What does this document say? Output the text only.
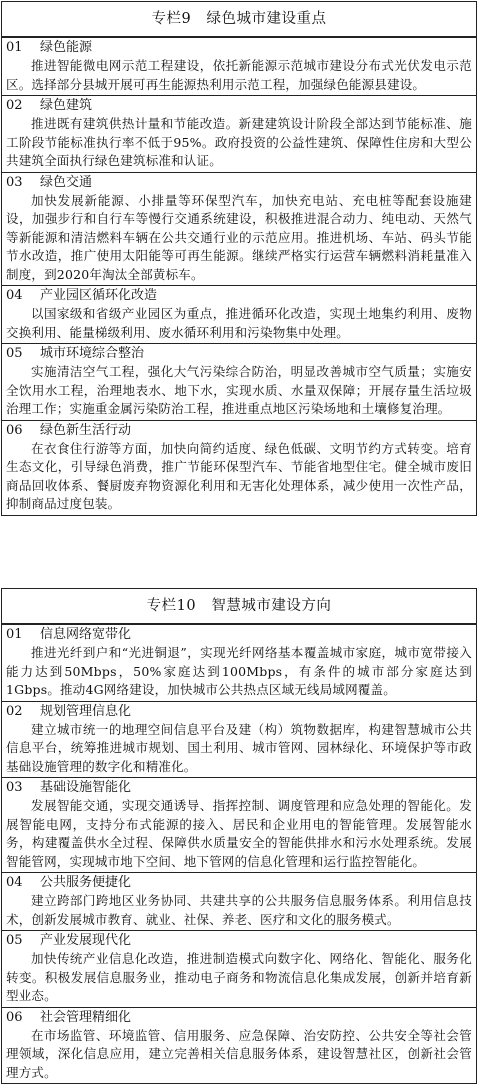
专栏9   绿色城市建设重点
01 绿色能源
推进智能微电网示范工程建设，依托新能源示范城市建设分布式光伏发电示范区。选择部分县城开展可再生能源热利用示范工程，加强绿色能源县建设。
02 绿色建筑
推进既有建筑供热计量和节能改造。新建建筑设计阶段全部达到节能标准、施工阶段节能标准执行率不低于95%。政府投资的公益性建筑、保障性住房和大型公共建筑全面执行绿色建筑标准和认证。
03 绿色交通
加快发展新能源、小排量等环保型汽车，加快充电站、充电桩等配套设施建设，加强步行和自行车等慢行交通系统建设，积极推进混合动力、纯电动、天然气等新能源和清洁燃料车辆在公共交通行业的示范应用。推进机场、车站、码头节能节水改造，推广使用太阳能等可再生能源。继续严格实行运营车辆燃料消耗量准入制度，到2020年淘汰全部黄标车。
04 产业园区循环化改造
以国家级和省级产业园区为重点，推进循环化改造，实现土地集约利用、废物交换利用、能量梯级利用、废水循环利用和污染物集中处理。
05 城市环境综合整治
实施清洁空气工程，强化大气污染综合防治，明显改善城市空气质量；实施安全饮用水工程，治理地表水、地下水，实现水质、水量双保障；开展存量生活垃圾治理工作；实施重金属污染防治工程，推进重点地区污染场地和土壤修复治理。
06 绿色新生活行动
在衣食住行游等方面，加快向简约适度、绿色低碳、文明节约方式转变。培育生态文化，引导绿色消费，推广节能环保型汽车、节能省地型住宅。健全城市废旧商品回收体系、餐厨废弃物资源化利用和无害化处理体系，减少使用一次性产品，抑制商品过度包装。
专栏10   智慧城市建设方向
01 信息网络宽带化
推进光纤到户和“光进铜退”，实现光纤网络基本覆盖城市家庭，城市宽带接入能力达到50Mbps，50%家庭达到100Mbps，有条件的城市部分家庭达到1Gbps。推动4G网络建设，加快城市公共热点区域无线局域网覆盖。
02 规划管理信息化
建立城市统一的地理空间信息平台及建（构）筑物数据库，构建智慧城市公共信息平台，统筹推进城市规划、国土利用、城市管网、园林绿化、环境保护等市政基础设施管理的数字化和精准化。
03 基础设施智能化
发展智能交通，实现交通诱导、指挥控制、调度管理和应急处理的智能化。发展智能电网，支持分布式能源的接入、居民和企业用电的智能管理。发展智能水务，构建覆盖供水全过程、保障供水质量安全的智能供排水和污水处理系统。发展智能管网，实现城市地下空间、地下管网的信息化管理和运行监控智能化。
04 公共服务便捷化
建立跨部门跨地区业务协同、共建共享的公共服务信息服务体系。利用信息技术，创新发展城市教育、就业、社保、养老、医疗和文化的服务模式。
05 产业发展现代化
加快传统产业信息化改造，推进制造模式向数字化、网络化、智能化、服务化转变。积极发展信息服务业，推动电子商务和物流信息化集成发展，创新并培育新型业态。
06 社会管理精细化
在市场监管、环境监管、信用服务、应急保障、治安防控、公共安全等社会管理领域，深化信息应用，建立完善相关信息服务体系，建设智慧社区，创新社会管理方式。
